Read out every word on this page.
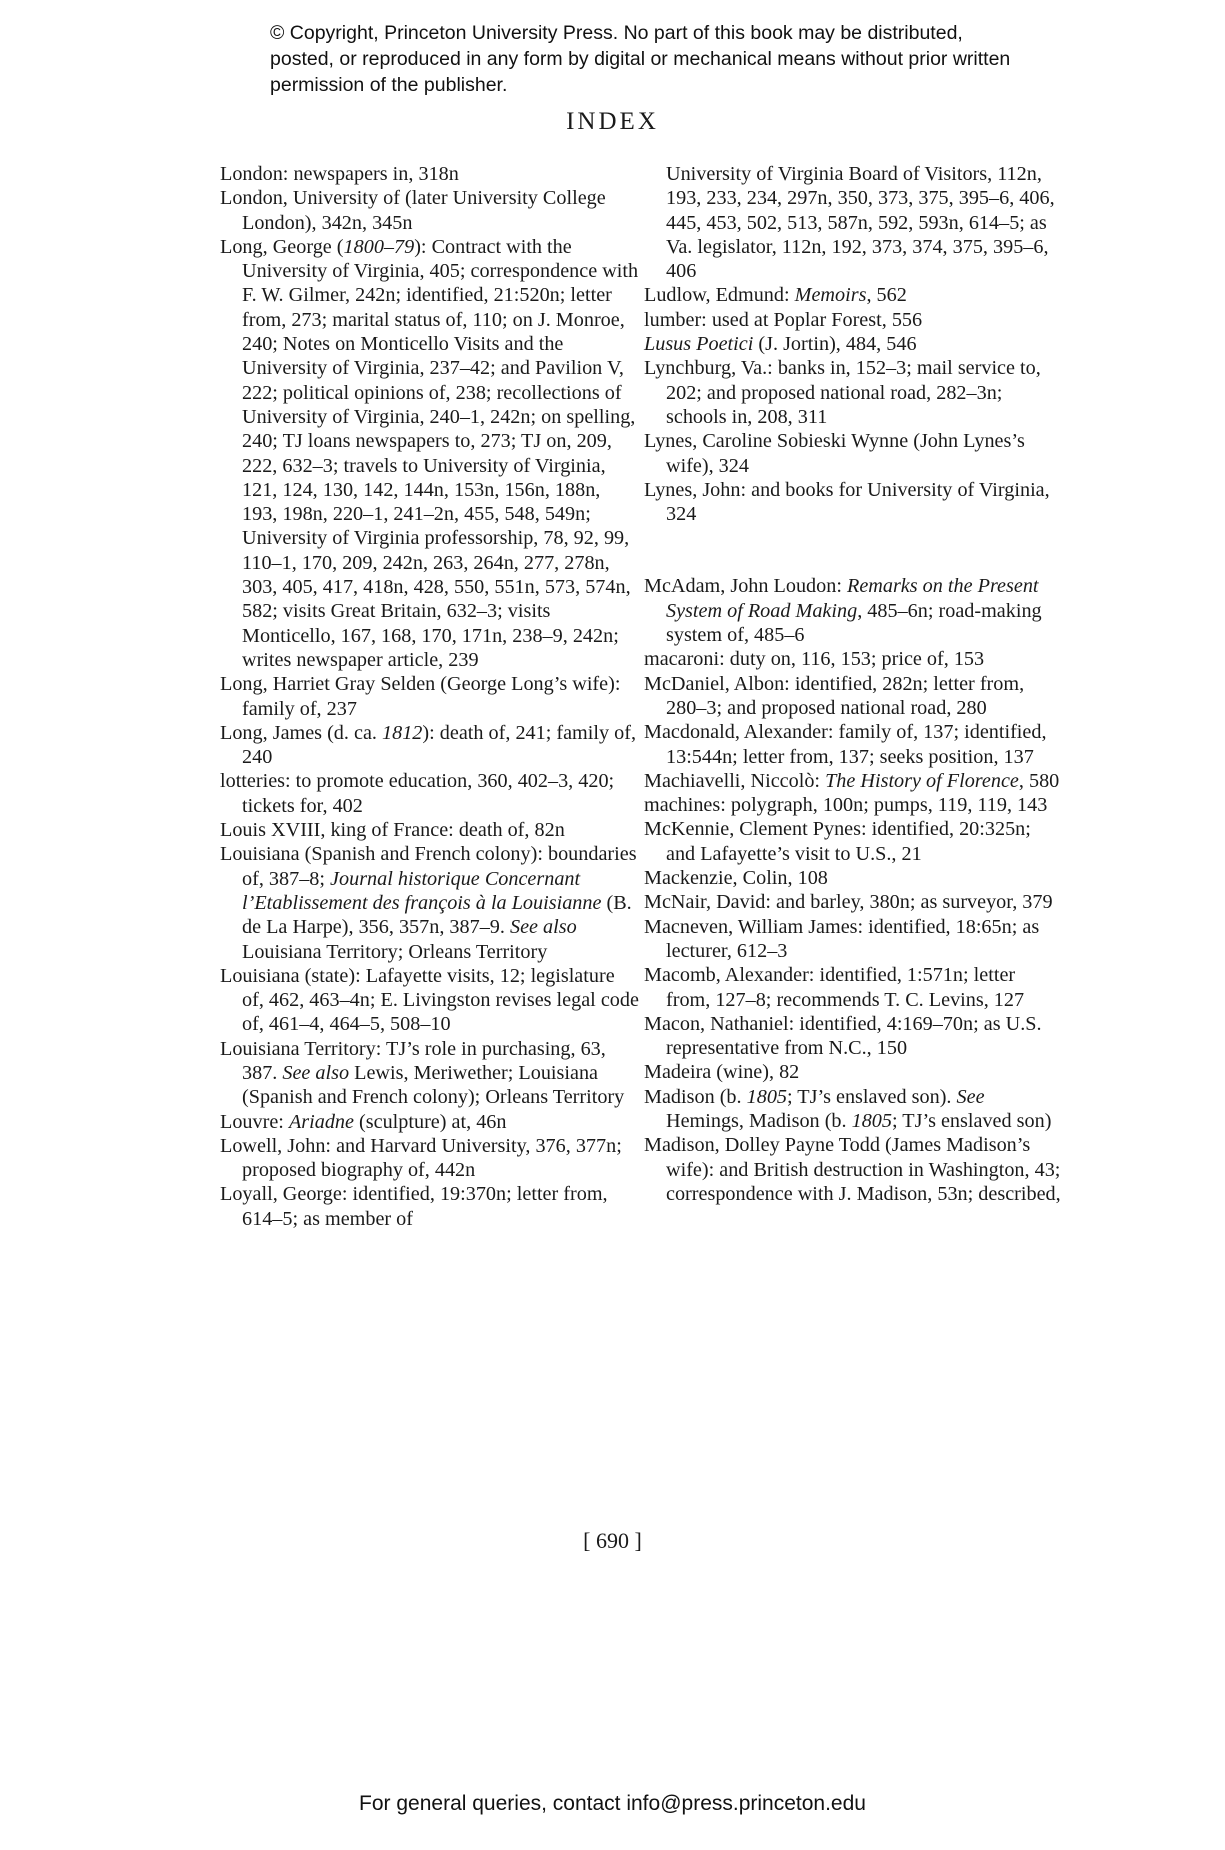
© Copyright, Princeton University Press. No part of this book may be distributed, posted, or reproduced in any form by digital or mechanical means without prior written permission of the publisher.
INDEX

London: newspapers in, 318n

London, University of (later University College London), 342n, 345n

Long, George (1800–79): Contract with the University of Virginia, 405; correspondence with F. W. Gilmer, 242n; identified, 21:520n; letter from, 273; marital status of, 110; on J. Monroe, 240; Notes on Monticello Visits and the University of Virginia, 237–42; and Pavilion V, 222; political opinions of, 238; recollections of University of Virginia, 240–1, 242n; on spelling, 240; TJ loans newspapers to, 273; TJ on, 209, 222, 632–3; travels to University of Virginia, 121, 124, 130, 142, 144n, 153n, 156n, 188n, 193, 198n, 220–1, 241–2n, 455, 548, 549n; University of Virginia professorship, 78, 92, 99, 110–1, 170, 209, 242n, 263, 264n, 277, 278n, 303, 405, 417, 418n, 428, 550, 551n, 573, 574n, 582; visits Great Britain, 632–3; visits Monticello, 167, 168, 170, 171n, 238–9, 242n; writes newspaper article, 239

Long, Harriet Gray Selden (George Long’s wife): family of, 237

Long, James (d. ca. 1812): death of, 241; family of, 240

lotteries: to promote education, 360, 402–3, 420; tickets for, 402

Louis XVIII, king of France: death of, 82n

Louisiana (Spanish and French colony): boundaries of, 387–8; Journal historique Concernant l’Etablissement des françois à la Louisianne (B. de La Harpe), 356, 357n, 387–9. See also Louisiana Territory; Orleans Territory

Louisiana (state): Lafayette visits, 12; legislature of, 462, 463–4n; E. Livingston revises legal code of, 461–4, 464–5, 508–10

Louisiana Territory: TJ’s role in purchasing, 63, 387. See also Lewis, Meriwether; Louisiana (Spanish and French colony); Orleans Territory

Louvre: Ariadne (sculpture) at, 46n

Lowell, John: and Harvard University, 376, 377n; proposed biography of, 442n

Loyall, George: identified, 19:370n; letter from, 614–5; as member of

University of Virginia Board of Visitors, 112n, 193, 233, 234, 297n, 350, 373, 375, 395–6, 406, 445, 453, 502, 513, 587n, 592, 593n, 614–5; as Va. legislator, 112n, 192, 373, 374, 375, 395–6, 406

Ludlow, Edmund: Memoirs, 562

lumber: used at Poplar Forest, 556

Lusus Poetici (J. Jortin), 484, 546

Lynchburg, Va.: banks in, 152–3; mail service to, 202; and proposed national road, 282–3n; schools in, 208, 311

Lynes, Caroline Sobieski Wynne (John Lynes’s wife), 324

Lynes, John: and books for University of Virginia, 324

McAdam, John Loudon: Remarks on the Present System of Road Making, 485–6n; road-making system of, 485–6

macaroni: duty on, 116, 153; price of, 153

McDaniel, Albon: identified, 282n; letter from, 280–3; and proposed national road, 280

Macdonald, Alexander: family of, 137; identified, 13:544n; letter from, 137; seeks position, 137

Machiavelli, Niccolò: The History of Florence, 580

machines: polygraph, 100n; pumps, 119, 119, 143

McKennie, Clement Pynes: identified, 20:325n; and Lafayette’s visit to U.S., 21

Mackenzie, Colin, 108

McNair, David: and barley, 380n; as surveyor, 379

Macneven, William James: identified, 18:65n; as lecturer, 612–3

Macomb, Alexander: identified, 1:571n; letter from, 127–8; recommends T. C. Levins, 127

Macon, Nathaniel: identified, 4:169–70n; as U.S. representative from N.C., 150

Madeira (wine), 82

Madison (b. 1805; TJ’s enslaved son). See Hemings, Madison (b. 1805; TJ’s enslaved son)

Madison, Dolley Payne Todd (James Madison’s wife): and British destruction in Washington, 43; correspondence with J. Madison, 53n; described,

[ 690 ]
For general queries, contact info@press.princeton.edu
